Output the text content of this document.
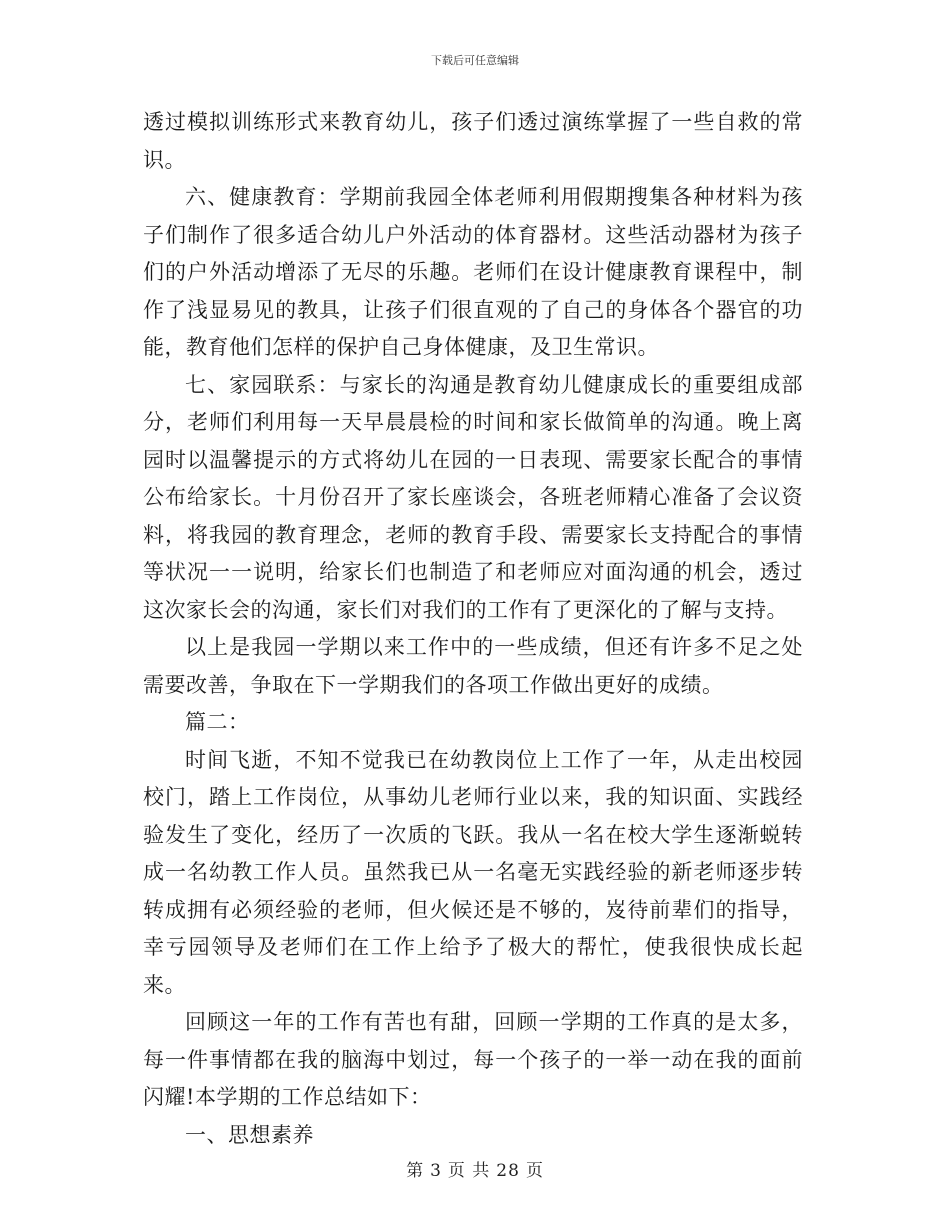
下载后可任意编辑

透过模拟训练形式来教育幼儿，孩子们透过演练掌握了一些自救的常识。

六、健康教育：学期前我园全体老师利用假期搜集各种材料为孩子们制作了很多适合幼儿户外活动的体育器材。这些活动器材为孩子们的户外活动增添了无尽的乐趣。老师们在设计健康教育课程中，制作了浅显易见的教具，让孩子们很直观的了自己的身体各个器官的功能，教育他们怎样的保护自己身体健康，及卫生常识。

七、家园联系：与家长的沟通是教育幼儿健康成长的重要组成部分，老师们利用每一天早晨晨检的时间和家长做简单的沟通。晚上离园时以温馨提示的方式将幼儿在园的一日表现、需要家长配合的事情公布给家长。十月份召开了家长座谈会，各班老师精心准备了会议资料，将我园的教育理念，老师的教育手段、需要家长支持配合的事情等状况一一说明，给家长们也制造了和老师应对面沟通的机会，透过这次家长会的沟通，家长们对我们的工作有了更深化的了解与支持。

以上是我园一学期以来工作中的一些成绩，但还有许多不足之处需要改善，争取在下一学期我们的各项工作做出更好的成绩。

篇二：

时间飞逝，不知不觉我已在幼教岗位上工作了一年，从走出校园校门，踏上工作岗位，从事幼儿老师行业以来，我的知识面、实践经验发生了变化，经历了一次质的飞跃。我从一名在校大学生逐渐蜕转成一名幼教工作人员。虽然我已从一名毫无实践经验的新老师逐步转转成拥有必须经验的老师，但火候还是不够的，岌待前辈们的指导，幸亏园领导及老师们在工作上给予了极大的帮忙，使我很快成长起来。

回顾这一年的工作有苦也有甜，回顾一学期的工作真的是太多，每一件事情都在我的脑海中划过，每一个孩子的一举一动在我的面前闪耀!本学期的工作总结如下：

一、思想素养

第 3 页 共 28 页
